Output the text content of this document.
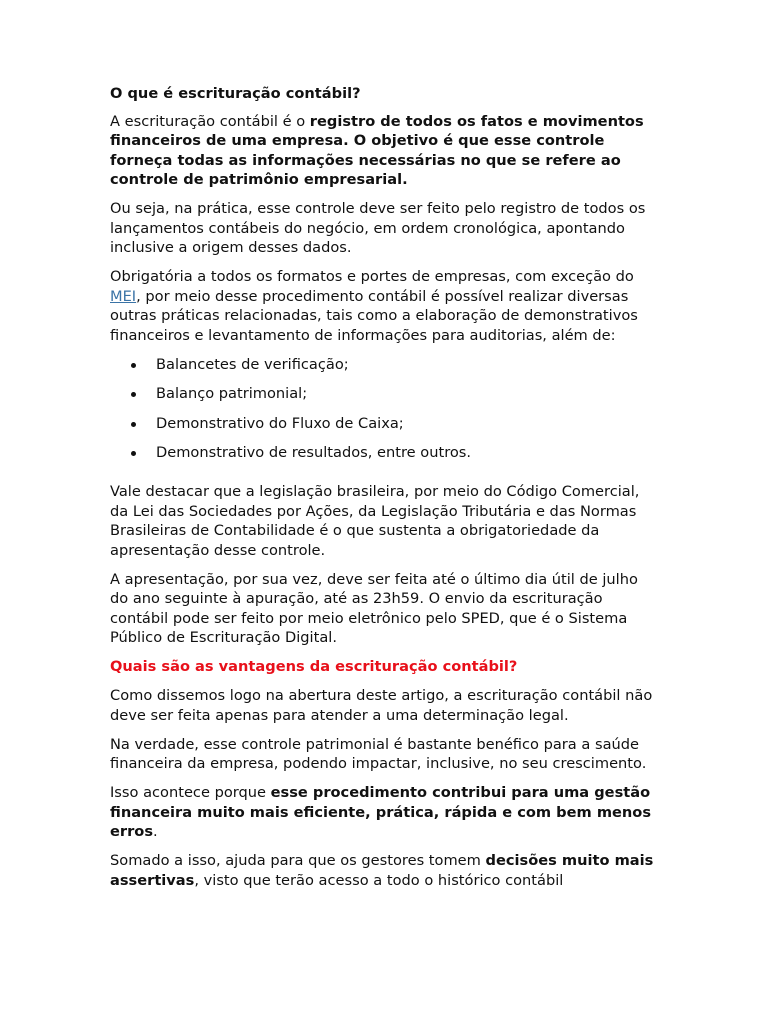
O que é escrituração contábil?

A escrituração contábil é o registro de todos os fatos e movimentos financeiros de uma empresa. O objetivo é que esse controle forneça todas as informações necessárias no que se refere ao controle de patrimônio empresarial.

Ou seja, na prática, esse controle deve ser feito pelo registro de todos os lançamentos contábeis do negócio, em ordem cronológica, apontando inclusive a origem desses dados.

Obrigatória a todos os formatos e portes de empresas, com exceção do MEI, por meio desse procedimento contábil é possível realizar diversas outras práticas relacionadas, tais como a elaboração de demonstrativos financeiros e levantamento de informações para auditorias, além de:

Balancetes de verificação;
Balanço patrimonial;
Demonstrativo do Fluxo de Caixa;
Demonstrativo de resultados, entre outros.

Vale destacar que a legislação brasileira, por meio do Código Comercial, da Lei das Sociedades por Ações, da Legislação Tributária e das Normas Brasileiras de Contabilidade é o que sustenta a obrigatoriedade da apresentação desse controle.

A apresentação, por sua vez, deve ser feita até o último dia útil de julho do ano seguinte à apuração, até as 23h59. O envio da escrituração contábil pode ser feito por meio eletrônico pelo SPED, que é o Sistema Público de Escrituração Digital.

Quais são as vantagens da escrituração contábil?

Como dissemos logo na abertura deste artigo, a escrituração contábil não deve ser feita apenas para atender a uma determinação legal.

Na verdade, esse controle patrimonial é bastante benéfico para a saúde financeira da empresa, podendo impactar, inclusive, no seu crescimento.

Isso acontece porque esse procedimento contribui para uma gestão financeira muito mais eficiente, prática, rápida e com bem menos erros.

Somado a isso, ajuda para que os gestores tomem decisões muito mais assertivas, visto que terão acesso a todo o histórico contábil
